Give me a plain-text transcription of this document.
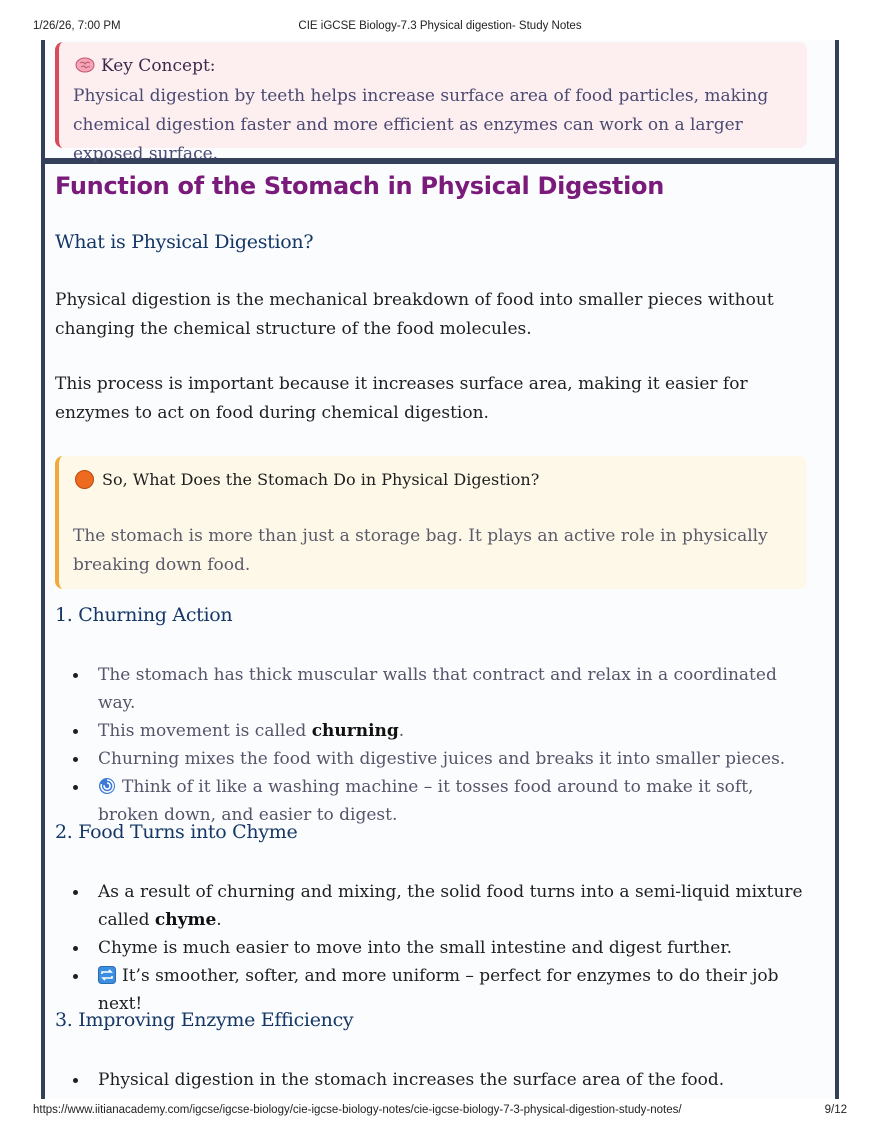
1/26/26, 7:00 PM	CIE iGCSE Biology-7.3 Physical digestion- Study Notes
Key Concept:
Physical digestion by teeth helps increase surface area of food particles, making chemical digestion faster and more efficient as enzymes can work on a larger exposed surface.
Function of the Stomach in Physical Digestion
What is Physical Digestion?
Physical digestion is the mechanical breakdown of food into smaller pieces without changing the chemical structure of the food molecules.
This process is important because it increases surface area, making it easier for enzymes to act on food during chemical digestion.
So, What Does the Stomach Do in Physical Digestion?
The stomach is more than just a storage bag. It plays an active role in physically breaking down food.
1. Churning Action
The stomach has thick muscular walls that contract and relax in a coordinated way.
This movement is called churning.
Churning mixes the food with digestive juices and breaks it into smaller pieces.
Think of it like a washing machine – it tosses food around to make it soft, broken down, and easier to digest.
2. Food Turns into Chyme
As a result of churning and mixing, the solid food turns into a semi-liquid mixture called chyme.
Chyme is much easier to move into the small intestine and digest further.
It’s smoother, softer, and more uniform – perfect for enzymes to do their job next!
3. Improving Enzyme Efficiency
Physical digestion in the stomach increases the surface area of the food.
https://www.iitianacademy.com/igcse/igcse-biology/cie-igcse-biology-notes/cie-igcse-biology-7-3-physical-digestion-study-notes/	9/12
